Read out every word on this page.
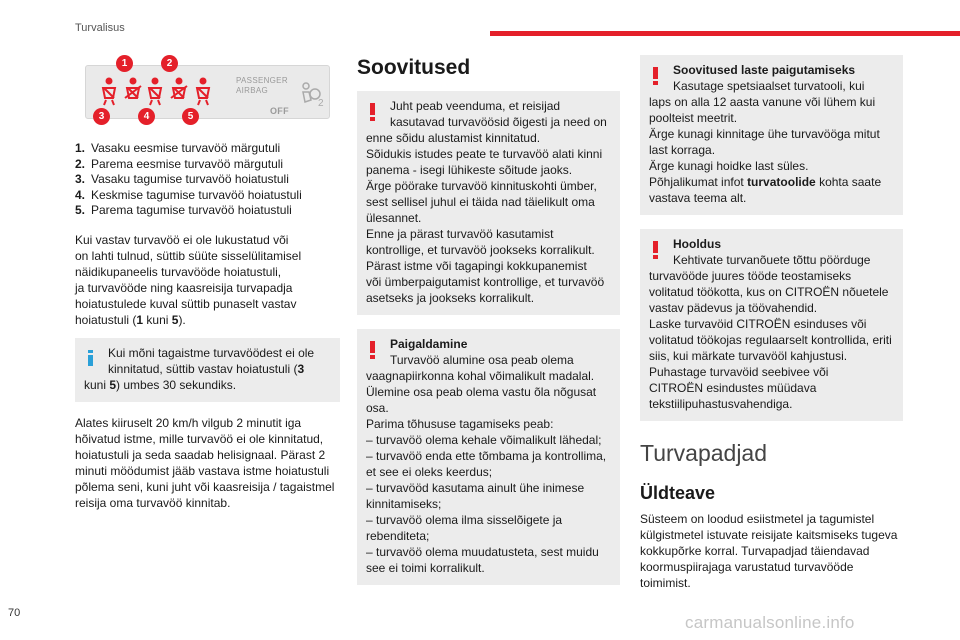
Turvalisus
PASSENGER
AIRBAG
OFF
2
1	2
3	4	5
1. Vasaku eesmise turvavöö märgutuli
2. Parema eesmise turvavöö märgutuli
3. Vasaku tagumise turvavöö hoiatustuli
4. Keskmise tagumise turvavöö hoiatustuli
5. Parema tagumise turvavöö hoiatustuli

Kui vastav turvavöö ei ole lukustatud või
on lahti tulnud, süttib süüte sisselülitamisel
näidikupaneelis turvavööde hoiatustuli,
ja turvavööde ning kaasreisija turvapadja
hoiatustulede kuval süttib punaselt vastav
hoiatustuli (1 kuni 5).

Kui mõni tagaistme turvavöödest ei ole
kinnitatud, süttib vastav hoiatustuli (3
kuni 5) umbes 30 sekundiks.

Alates kiiruselt 20 km/h vilgub 2 minutit iga
hõivatud istme, mille turvavöö ei ole kinnitatud,
hoiatustuli ja seda saadab helisignaal. Pärast 2
minuti möödumist jääb vastava istme hoiatustuli
põlema seni, kuni juht või kaasreisija / tagaistmel
reisija oma turvavöö kinnitab.

Soovitused
Juht peab veenduma, et reisijad
kasutavad turvavöösid õigesti ja need on
enne sõidu alustamist kinnitatud.
Sõidukis istudes peate te turvavöö alati kinni
panema - isegi lühikeste sõitude jaoks.
Ärge pöörake turvavöö kinnituskohti ümber,
sest sellisel juhul ei täida nad täielikult oma
ülesannet.
Enne ja pärast turvavöö kasutamist
kontrollige, et turvavöö jookseks korralikult.
Pärast istme või tagapingi kokkupanemist
või ümberpaigutamist kontrollige, et turvavöö
asetseks ja jookseks korralikult.
Paigaldamine
Turvavöö alumine osa peab olema
vaagnapiirkonna kohal võimalikult madalal.
Ülemine osa peab olema vastu õla nõgusat
osa.
Parima tõhususe tagamiseks peab:
– turvavöö olema kehale võimalikult lähedal;
– turvavöö enda ette tõmbama ja kontrollima,
et see ei oleks keerdus;
– turvavööd kasutama ainult ühe inimese
kinnitamiseks;
– turvavöö olema ilma sisselõigete ja
rebenditeta;
– turvavöö olema muudatusteta, sest muidu
see ei toimi korralikult.
Soovitused laste paigutamiseks
Kasutage spetsiaalset turvatooli, kui
laps on alla 12 aasta vanune või lühem kui
poolteist meetrit.
Ärge kunagi kinnitage ühe turvavööga mitut
last korraga.
Ärge kunagi hoidke last süles.
Põhjalikumat infot turvatoolide kohta saate
vastava teema alt.
Hooldus
Kehtivate turvanõuete tõttu pöörduge
turvavööde juures tööde teostamiseks
volitatud töökotta, kus on CITROËN nõuetele
vastav pädevus ja töövahendid.
Laske turvavöid CITROËN esinduses või
volitatud töökojas regulaarselt kontrollida, eriti
siis, kui märkate turvavööl kahjustusi.
Puhastage turvavöid seebivee või
CITROËN esindustes müüdava
tekstiilipuhastusvahendiga.
Turvapadjad
Üldteave

Süsteem on loodud esiistmetel ja tagumistel
külgistmetel istuvate reisijate kaitsmiseks tugeva
kokkupõrke korral. Turvapadjad täiendavad
koormuspiirajaga varustatud turvavööde
toimimist.

70	carmanualsonline.info
